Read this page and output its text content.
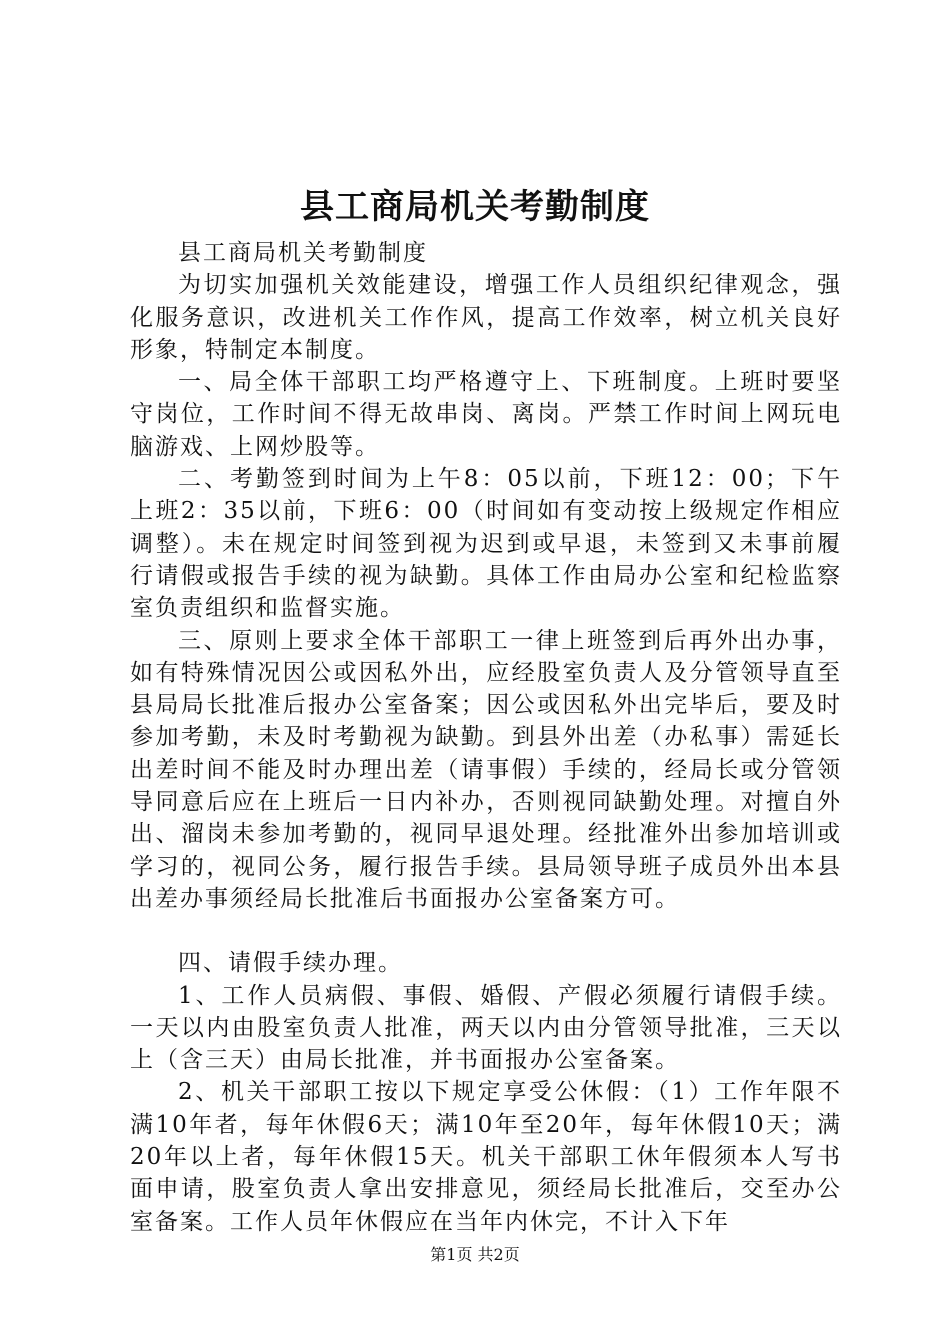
县工商局机关考勤制度

县工商局机关考勤制度

为切实加强机关效能建设，增强工作人员组织纪律观念，强化服务意识，改进机关工作作风，提高工作效率，树立机关良好形象，特制定本制度。

一、局全体干部职工均严格遵守上、下班制度。上班时要坚守岗位，工作时间不得无故串岗、离岗。严禁工作时间上网玩电脑游戏、上网炒股等。

二、考勤签到时间为上午8：05以前，下班12：00；下午上班2：35以前，下班6：00（时间如有变动按上级规定作相应调整）。未在规定时间签到视为迟到或早退，未签到又未事前履行请假或报告手续的视为缺勤。具体工作由局办公室和纪检监察室负责组织和监督实施。

三、原则上要求全体干部职工一律上班签到后再外出办事，如有特殊情况因公或因私外出，应经股室负责人及分管领导直至县局局长批准后报办公室备案；因公或因私外出完毕后，要及时参加考勤，未及时考勤视为缺勤。到县外出差（办私事）需延长出差时间不能及时办理出差（请事假）手续的，经局长或分管领导同意后应在上班后一日内补办，否则视同缺勤处理。对擅自外出、溜岗未参加考勤的，视同早退处理。经批准外出参加培训或学习的，视同公务，履行报告手续。县局领导班子成员外出本县出差办事须经局长批准后书面报办公室备案方可。

四、请假手续办理。

1、工作人员病假、事假、婚假、产假必须履行请假手续。一天以内由股室负责人批准，两天以内由分管领导批准，三天以上（含三天）由局长批准，并书面报办公室备案。

2、机关干部职工按以下规定享受公休假：（1）工作年限不满10年者，每年休假6天；满10年至20年，每年休假10天；满20年以上者，每年休假15天。机关干部职工休年假须本人写书面申请，股室负责人拿出安排意见，须经局长批准后，交至办公室备案。工作人员年休假应在当年内休完，不计入下年

第1页 共2页
